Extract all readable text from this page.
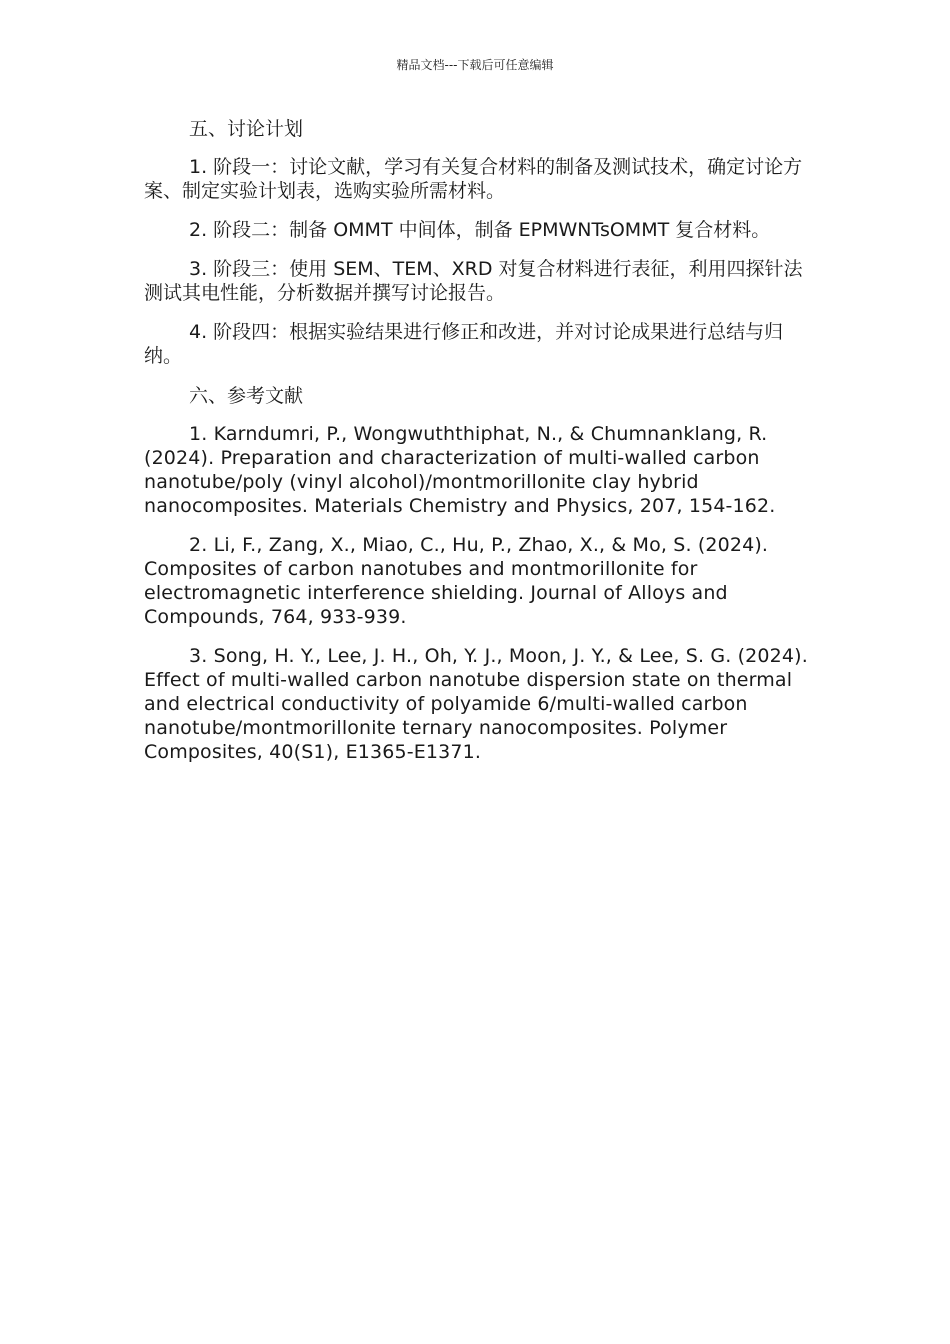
精品文档---下载后可任意编辑

五、讨论计划

1. 阶段一：讨论文献，学习有关复合材料的制备及测试技术，确定讨论方案、制定实验计划表，选购实验所需材料。

2. 阶段二：制备 OMMT 中间体，制备 EPMWNTsOMMT 复合材料。

3. 阶段三：使用 SEM、TEM、XRD 对复合材料进行表征，利用四探针法测试其电性能，分析数据并撰写讨论报告。

4. 阶段四：根据实验结果进行修正和改进，并对讨论成果进行总结与归纳。

六、参考文献

1. Karndumri, P., Wongwuththiphat, N., & Chumnanklang, R. (2024). Preparation and characterization of multi-walled carbon nanotube/poly (vinyl alcohol)/montmorillonite clay hybrid nanocomposites. Materials Chemistry and Physics, 207, 154-162.

2. Li, F., Zang, X., Miao, C., Hu, P., Zhao, X., & Mo, S. (2024). Composites of carbon nanotubes and montmorillonite for electromagnetic interference shielding. Journal of Alloys and Compounds, 764, 933-939.

3. Song, H. Y., Lee, J. H., Oh, Y. J., Moon, J. Y., & Lee, S. G. (2024). Effect of multi-walled carbon nanotube dispersion state on thermal and electrical conductivity of polyamide 6/multi-walled carbon nanotube/montmorillonite ternary nanocomposites. Polymer Composites, 40(S1), E1365-E1371.
